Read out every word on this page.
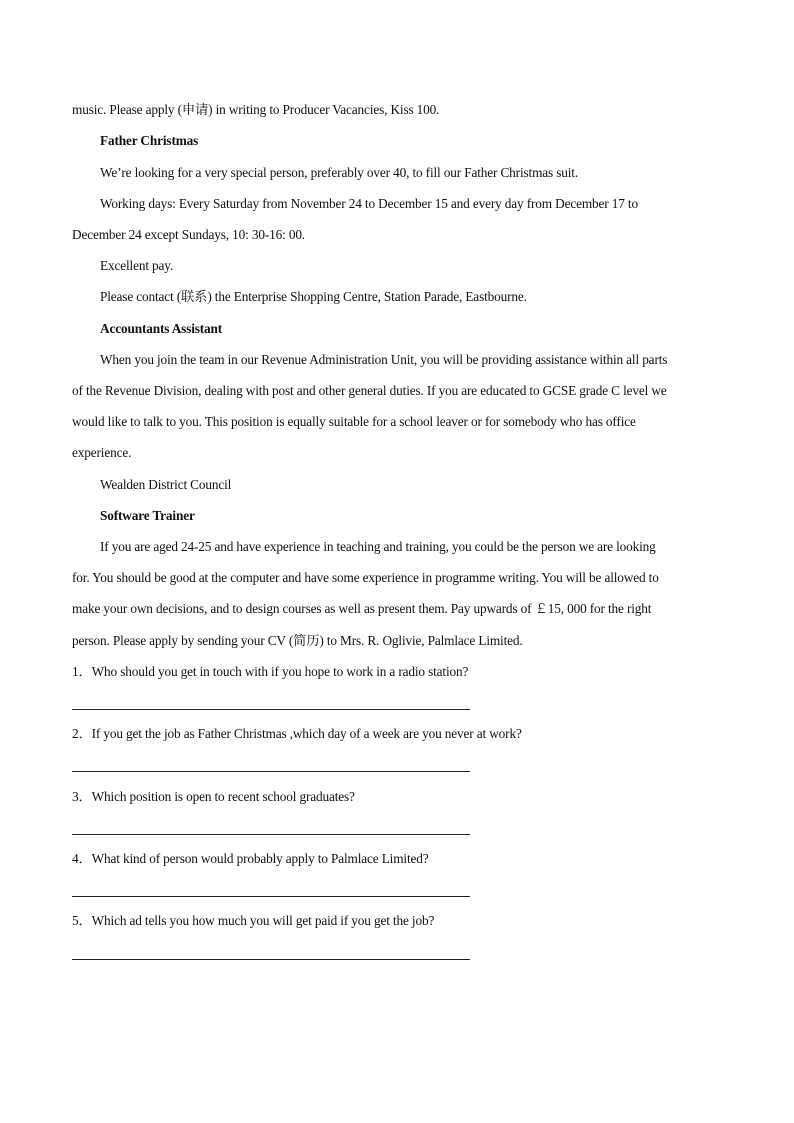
music. Please apply (申请) in writing to Producer Vacancies, Kiss 100.
Father Christmas
We’re looking for a very special person, preferably over 40, to fill our Father Christmas suit.
Working days: Every Saturday from November 24 to December 15 and every day from December 17 to
December 24 except Sundays, 10: 30-16: 00.
Excellent pay.
Please contact (联系) the Enterprise Shopping Centre, Station Parade, Eastbourne.
Accountants Assistant
When you join the team in our Revenue Administration Unit, you will be providing assistance within all parts
of the Revenue Division, dealing with post and other general duties. If you are educated to GCSE grade C level we
would like to talk to you. This position is equally suitable for a school leaver or for somebody who has office
experience.
Wealden District Council
Software Trainer
If you are aged 24-25 and have experience in teaching and training, you could be the person we are looking
for. You should be good at the computer and have some experience in programme writing. You will be allowed to
make your own decisions, and to design courses as well as present them. Pay upwards of ￡15, 000 for the right
person. Please apply by sending your CV (简历) to Mrs. R. Oglivie, Palmlace Limited.
1．Who should you get in touch with if you hope to work in a radio station?
2．If you get the job as Father Christmas ,which day of a week are you never at work?
3．Which position is open to recent school graduates?
4．What kind of person would probably apply to Palmlace Limited?
5．Which ad tells you how much you will get paid if you get the job?
